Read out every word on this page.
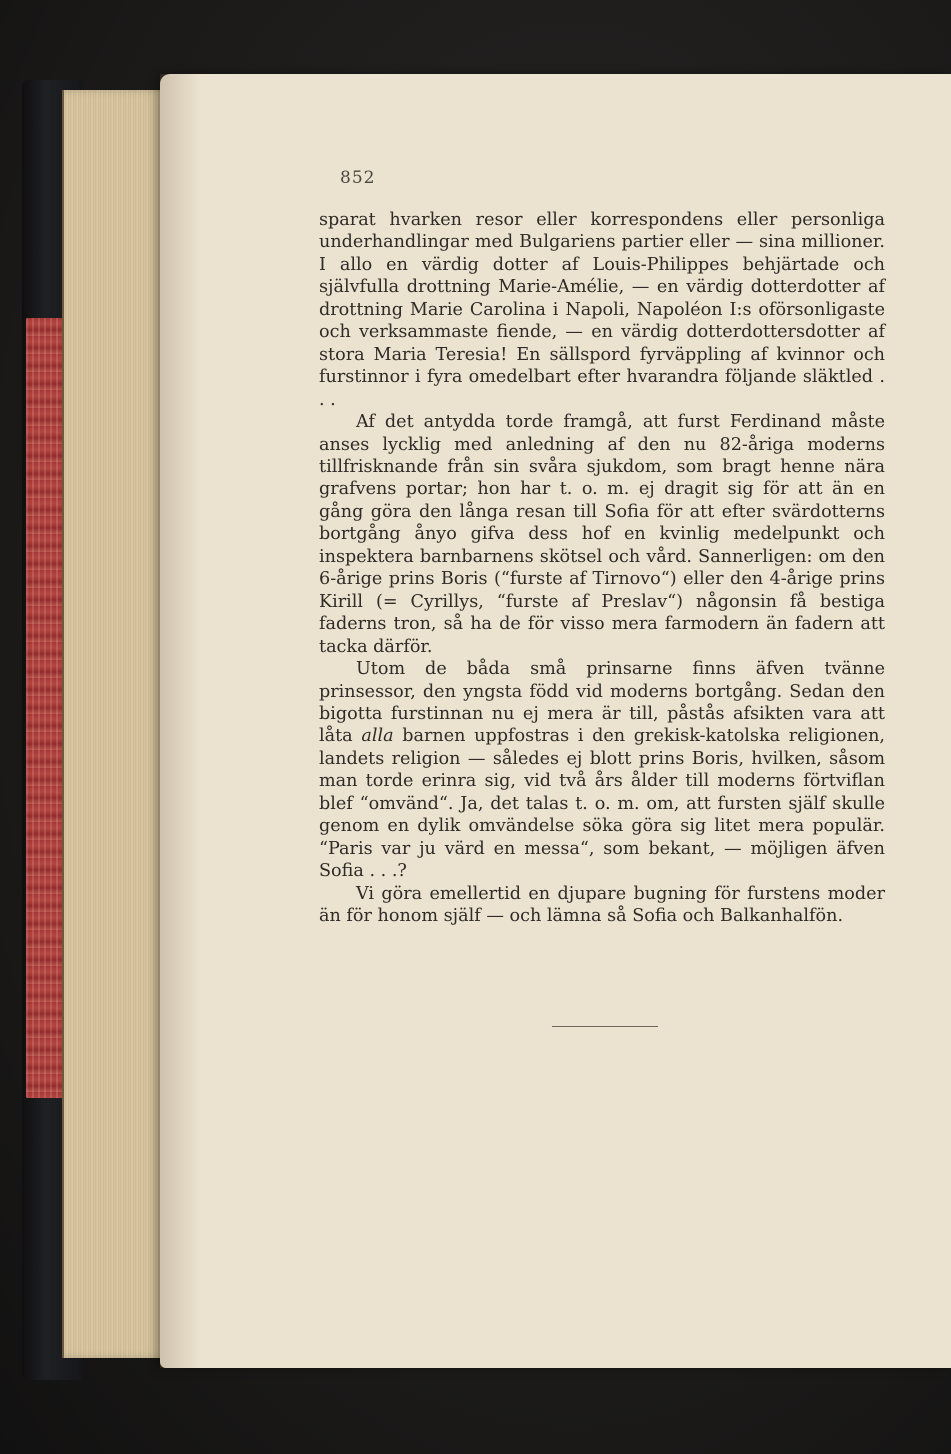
852

sparat hvarken resor eller korrespondens eller personliga underhandlingar med Bulgariens partier eller — sina millioner. I allo en värdig dotter af Louis-Philippes behjärtade och självfulla drottning Marie-Amélie, — en värdig dotterdotter af drottning Marie Carolina i Napoli, Napoléon I:s oförsonligaste och verksammaste fiende, — en värdig dotterdottersdotter af stora Maria Teresia! En sällspord fyrväppling af kvinnor och furstinnor i fyra omedelbart efter hvarandra följande släktled . . .

Af det antydda torde framgå, att furst Ferdinand måste anses lycklig med anledning af den nu 82-åriga moderns tillfrisknande från sin svåra sjukdom, som bragt henne nära grafvens portar; hon har t. o. m. ej dragit sig för att än en gång göra den långa resan till Sofia för att efter svärdotterns bortgång ånyo gifva dess hof en kvinlig medelpunkt och inspektera barnbarnens skötsel och vård. Sannerligen: om den 6-årige prins Boris (“furste af Tirnovo“) eller den 4-årige prins Kirill (= Cyrillys, “furste af Preslav“) någonsin få bestiga faderns tron, så ha de för visso mera farmodern än fadern att tacka därför.

Utom de båda små prinsarne finns äfven tvänne prinsessor, den yngsta född vid moderns bortgång. Sedan den bigotta furstinnan nu ej mera är till, påstås afsikten vara att låta alla barnen uppfostras i den grekisk-katolska religionen, landets religion — således ej blott prins Boris, hvilken, såsom man torde erinra sig, vid två års ålder till moderns förtviflan blef “omvänd“. Ja, det talas t. o. m. om, att fursten själf skulle genom en dylik omvändelse söka göra sig litet mera populär. “Paris var ju värd en messa“, som bekant, — möjligen äfven Sofia . . .?

Vi göra emellertid en djupare bugning för furstens moder än för honom själf — och lämna så Sofia och Balkanhalfön.
